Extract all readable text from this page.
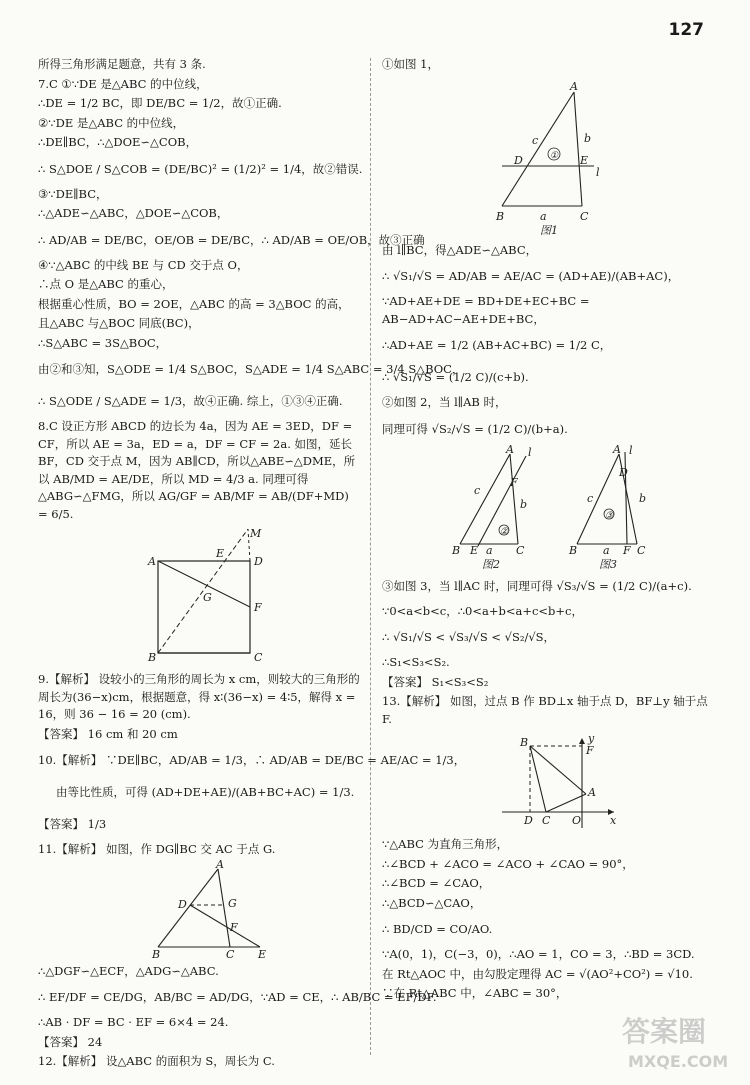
127

所得三角形满足题意，共有 3 条.

7.C ①∵DE 是△ABC 的中位线，

∴DE = 1/2 BC，即 DE/BC = 1/2，故①正确.

②∵DE 是△ABC 的中位线，

∴DE∥BC，∴△DOE∽△COB，

∴ S△DOE / S△COB = (DE/BC)² = (1/2)² = 1/4，故②错误.

③∵DE∥BC，

∴△ADE∽△ABC，△DOE∽△COB，

∴ AD/AB = DE/BC，OE/OB = DE/BC，∴ AD/AB = OE/OB，故③正确

④∵△ABC 的中线 BE 与 CD 交于点 O，

∴点 O 是△ABC 的重心，

根据重心性质，BO = 2OE，△ABC 的高 = 3△BOC 的高，

且△ABC 与△BOC 同底(BC)，

∴S△ABC = 3S△BOC，

由②和③知，S△ODE = 1/4 S△BOC，S△ADE = 1/4 S△ABC = 3/4 S△BOC，

∴ S△ODE / S△ADE = 1/3，故④正确. 综上，①③④正确.

8.C 设正方形 ABCD 的边长为 4a，因为 AE = 3ED，DF = CF，所以 AE = 3a，ED = a，DF = CF = 2a. 如图，延长 BF，CD 交于点 M，因为 AB∥CD，所以△ABE∽△DME，所以 AB/MD = AE/DE，所以 MD = 4/3 a. 同理可得△ABG∽△FMG，所以 AG/GF = AB/MF = AB/(DF+MD) = 6/5.

A
B	C
D
E
F
G
M

9.【解析】 设较小的三角形的周长为 x cm，则较大的三角形的周长为(36−x)cm，根据题意，得 x∶(36−x) = 4∶5，解得 x = 16，则 36 − 16 = 20 (cm).

【答案】 16 cm 和 20 cm

10.【解析】 ∵DE∥BC，AD/AB = 1/3，∴ AD/AB = DE/BC = AE/AC = 1/3，

由等比性质，可得 (AD+DE+AE)/(AB+BC+AC) = 1/3.

【答案】 1/3

11.【解析】 如图，作 DG∥BC 交 AC 于点 G.

A
B	C
D
E
F
G

∴△DGF∽△ECF，△ADG∽△ABC.

∴ EF/DF = CE/DG，AB/BC = AD/DG，∵AD = CE，∴ AB/BC = EF/DF.

∴AB · DF = BC · EF = 6×4 = 24.

【答案】 24

12.【解析】 设△ABC 的面积为 S，周长为 C.

①如图 1，

A
B	C
D	E
a
b
c
l
①
图1

由 l∥BC，得△ADE∽△ABC，

∴ √S₁/√S = AD/AB = AE/AC = (AD+AE)/(AB+AC)，

∵AD+AE+DE = BD+DE+EC+BC = AB−AD+AC−AE+DE+BC，

∴AD+AE = 1/2 (AB+AC+BC) = 1/2 C，

∴ √S₁/√S = (1/2 C)/(c+b).

②如图 2，当 l∥AB 时，

同理可得 √S₂/√S = (1/2 C)/(b+a).

A
B	C
E
F
a
b
c
l
②
图2
A
B	C
D
F
a
b
c
l
③
图3

③如图 3，当 l∥AC 时，同理可得 √S₃/√S = (1/2 C)/(a+c).

∵0<a<b<c，∴0<a+b<a+c<b+c，

∴ √S₁/√S < √S₃/√S < √S₂/√S，

∴S₁<S₃<S₂.

【答案】 S₁<S₃<S₂

13.【解析】 如图，过点 B 作 BD⊥x 轴于点 D，BF⊥y 轴于点 F.

B
F
A
D C O	x
y

∵△ABC 为直角三角形，

∴∠BCD + ∠ACO = ∠ACO + ∠CAO = 90°，

∴∠BCD = ∠CAO，

∴△BCD∽△CAO，

∴ BD/CD = CO/AO.

∵A(0，1)，C(−3，0)，∴AO = 1，CO = 3，∴BD = 3CD.

在 Rt△AOC 中，由勾股定理得 AC = √(AO²+CO²) = √10.

∵在 Rt△ABC 中，∠ABC = 30°，

答案圈
MXQE.COM
